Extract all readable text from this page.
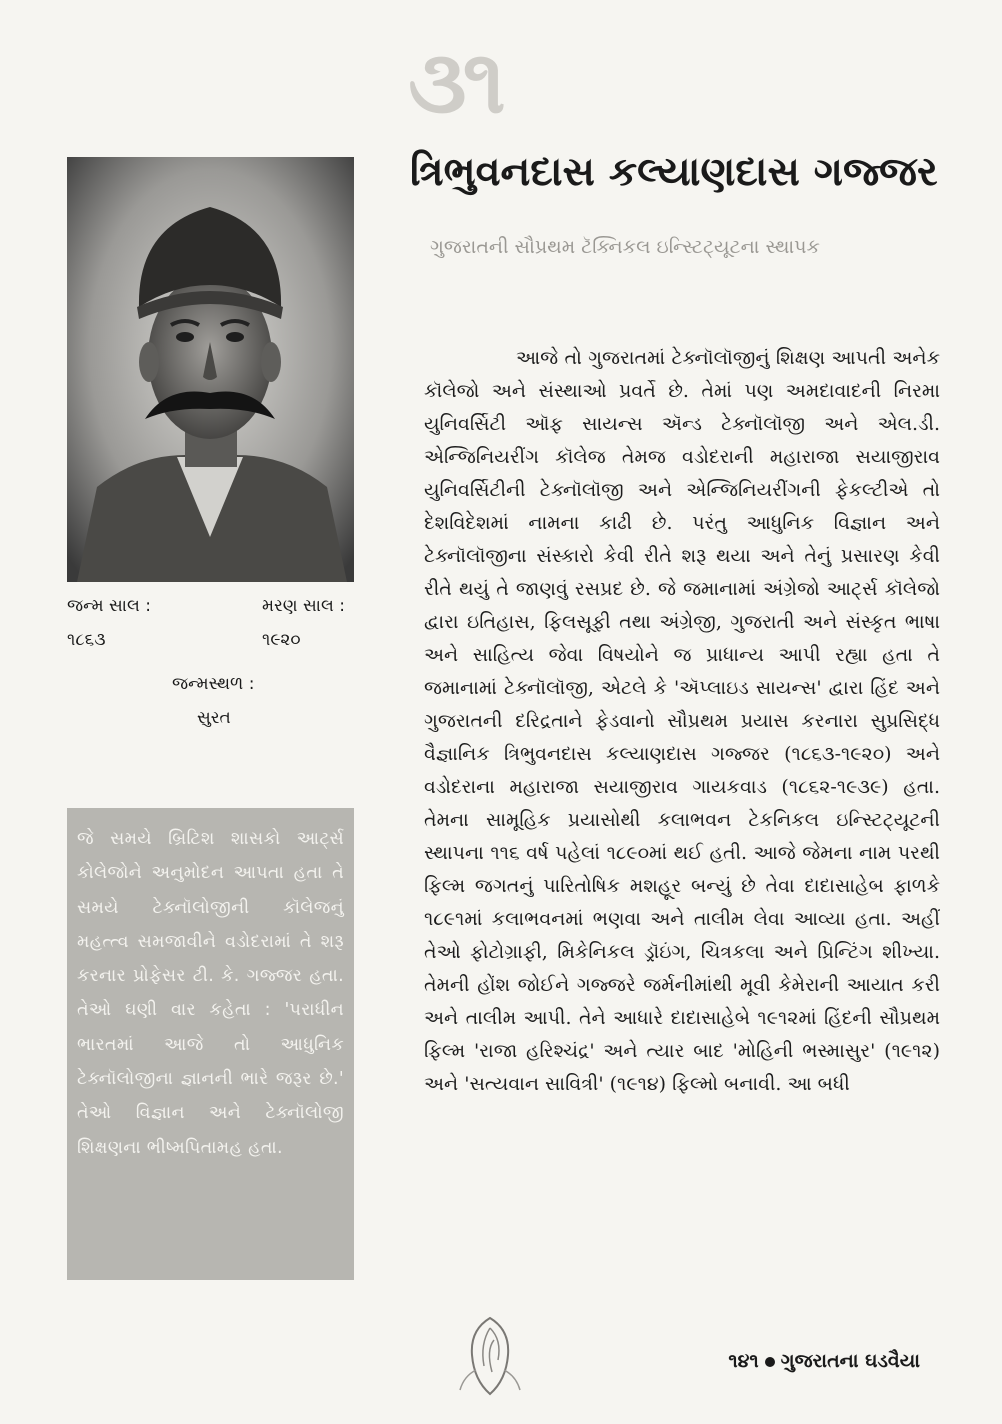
૩૧
ત્રિભુવનદાસ કલ્યાણદાસ ગજ્જર
ગુજરાતની સૌપ્રથમ ટૅક્નિકલ ઇન્સ્ટિટ્યૂટના સ્થાપક
જન્મ સાલ :
૧૮૬૩
મરણ સાલ :
૧૯૨૦
જન્મસ્થળ :
સુરત
જે સમયે બ્રિટિશ શાસકો આર્ટ્સ કોલેજોને અનુમોદન આપતા હતા તે સમયે ટેક્નૉલોજીની કૉલેજનું મહત્ત્વ સમજાવીને વડોદરામાં તે શરૂ કરનાર પ્રોફેસર ટી. કે. ગજ્જર હતા. તેઓ ઘણી વાર કહેતા : 'પરાધીન ભારતમાં આજે તો આધુનિક ટેક્નૉલોજીના જ્ઞાનની ભારે જરૂર છે.' તેઓ વિજ્ઞાન અને ટેક્નૉલોજી શિક્ષણના ભીષ્મપિતામહ હતા.

આજે તો ગુજરાતમાં ટેક્નૉલૉજીનું શિક્ષણ આપતી અનેક કૉલેજો અને સંસ્થાઓ પ્રવર્તે છે. તેમાં પણ અમદાવાદની નિરમા યુનિવર્સિટી ઑફ સાયન્સ ઍન્ડ ટેક્નૉલૉજી અને એલ.ડી. એન્જિનિયરીંગ કૉલેજ તેમજ વડોદરાની મહારાજા સયાજીરાવ યુનિવર્સિટીની ટેક્નૉલૉજી અને એન્જિનિયરીંગની ફેકલ્ટીએ તો દેશવિદેશમાં નામના કાઢી છે. પરંતુ આધુનિક વિજ્ઞાન અને ટેક્નૉલૉજીના સંસ્કારો કેવી રીતે શરૂ થયા અને તેનું પ્રસારણ કેવી રીતે થયું તે જાણવું રસપ્રદ છે. જે જમાનામાં અંગ્રેજો આર્ટ્સ કૉલેજો દ્વારા ઇતિહાસ, ફિલસૂફી તથા અંગ્રેજી, ગુજરાતી અને સંસ્કૃત ભાષા અને સાહિત્ય જેવા વિષયોને જ પ્રાધાન્ય આપી રહ્યા હતા તે જમાનામાં ટેક્નૉલૉજી, એટલે કે 'ઍપ્લાઇડ સાયન્સ' દ્વારા હિંદ અને ગુજરાતની દરિદ્રતાને ફેડવાનો સૌપ્રથમ પ્રયાસ કરનારા સુપ્રસિદ્ધ વૈજ્ઞાનિક ત્રિભુવનદાસ કલ્યાણદાસ ગજ્જર (૧૮૬૩-૧૯૨૦) અને વડોદરાના મહારાજા સયાજીરાવ ગાયકવાડ (૧૮૬૨-૧૯૩૯) હતા. તેમના સામૂહિક પ્રયાસોથી કલાભવન ટેકનિકલ ઇન્સ્ટિટ્યૂટની સ્થાપના ૧૧૬ વર્ષ પહેલાં ૧૮૯૦માં થઈ હતી. આજે જેમના નામ પરથી ફિલ્મ જગતનું પારિતોષિક મશહૂર બન્યું છે તેવા દાદાસાહેબ ફાળકે ૧૮૯૧માં કલાભવનમાં ભણવા અને તાલીમ લેવા આવ્યા હતા. અહીં તેઓ ફોટોગ્રાફી, મિકેનિકલ ડ્રૉઇંગ, ચિત્રકલા અને પ્રિન્ટિંગ શીખ્યા. તેમની હોંશ જોઈને ગજ્જરે જર્મનીમાંથી મૂવી કેમેરાની આયાત કરી અને તાલીમ આપી. તેને આધારે દાદાસાહેબે ૧૯૧૨માં હિંદની સૌપ્રથમ ફિલ્મ 'રાજા હરિશ્ચંદ્ર' અને ત્યાર બાદ 'મોહિની ભસ્માસુર' (૧૯૧૨) અને 'સત્યવાન સાવિત્રી' (૧૯૧૪) ફિલ્મો બનાવી. આ બધી

૧૪૧ ગુજરાતના ઘડવૈયા
